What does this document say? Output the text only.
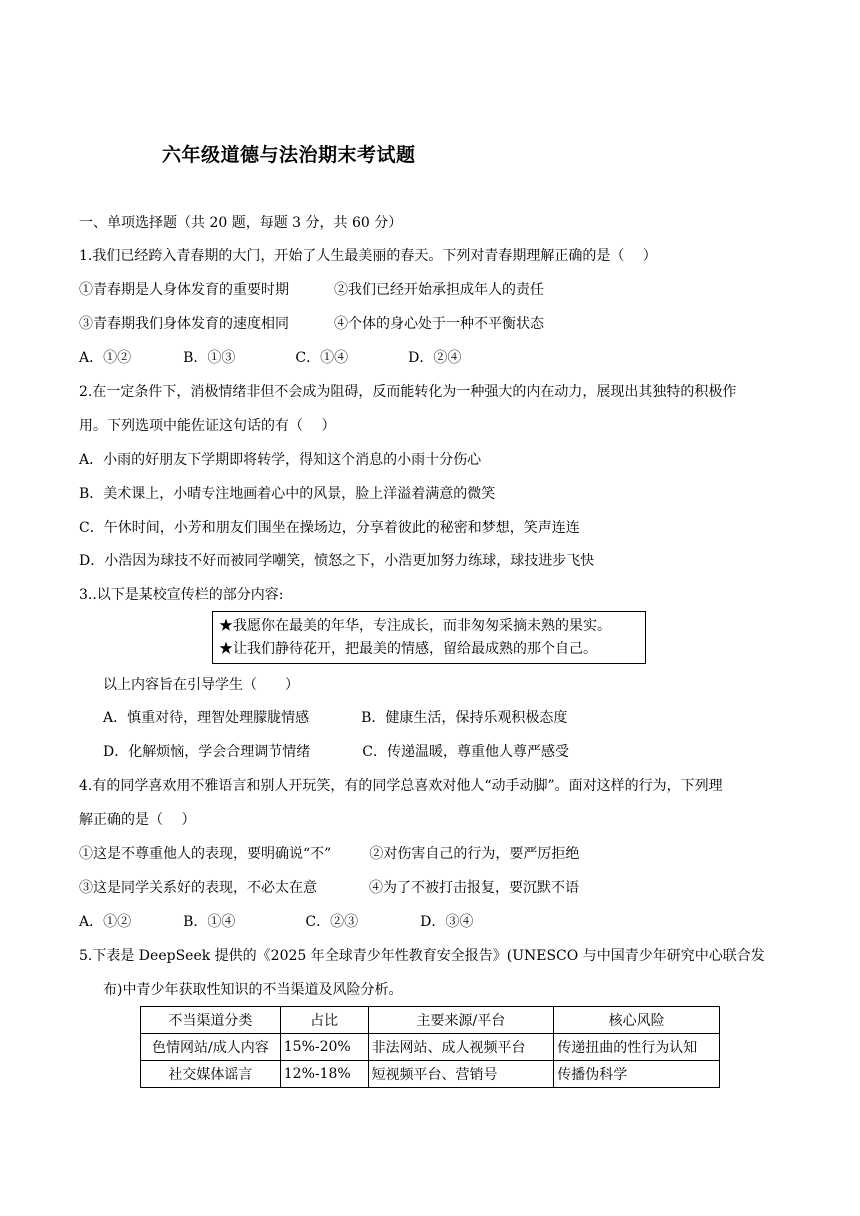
六年级道德与法治期末考试题
一、单项选择题（共 20 题，每题 3 分，共 60 分）
1.我们已经跨入青春期的大门，开始了人生最美丽的春天。下列对青春期理解正确的是（　 ）
①青春期是人身体发育的重要时期	②我们已经开始承担成年人的责任
③青春期我们身体发育的速度相同	④个体的身心处于一种不平衡状态
A．①②	B．①③	C．①④	D．②④
2.在一定条件下，消极情绪非但不会成为阻碍，反而能转化为一种强大的内在动力，展现出其独特的积极作
用。下列选项中能佐证这句话的有（　 ）
A．小雨的好朋友下学期即将转学，得知这个消息的小雨十分伤心
B．美术课上，小晴专注地画着心中的风景，脸上洋溢着满意的微笑
C．午休时间，小芳和朋友们围坐在操场边，分享着彼此的秘密和梦想，笑声连连
D．小浩因为球技不好而被同学嘲笑，愤怒之下，小浩更加努力练球，球技进步飞快
3..以下是某校宣传栏的部分内容:
★我愿你在最美的年华，专注成长，而非匆匆采摘未熟的果实。
★让我们静待花开，把最美的情感，留给最成熟的那个自己。
以上内容旨在引导学生（　　）
A．慎重对待，理智处理朦胧情感	B．健康生活，保持乐观积极态度
D．化解烦恼，学会合理调节情绪	C．传递温暖，尊重他人尊严感受
4.有的同学喜欢用不雅语言和别人开玩笑，有的同学总喜欢对他人“动手动脚”。面对这样的行为，下列理
解正确的是（　 ）
①这是不尊重他人的表现，要明确说“不”	②对伤害自己的行为，要严厉拒绝
③这是同学关系好的表现，不必太在意	④为了不被打击报复，要沉默不语
A．①②	B．①④	C．②③	D．③④
5.下表是 DeepSeek 提供的《2025 年全球青少年性教育安全报告》(UNESCO 与中国青少年研究中心联合发
布)中青少年获取性知识的不当渠道及风险分析。
不当渠道分类	占比	主要来源/平台	核心风险
色情网站/成人内容	15%-20%	非法网站、成人视频平台	传递扭曲的性行为认知
社交媒体谣言	12%-18%	短视频平台、营销号	传播伪科学
